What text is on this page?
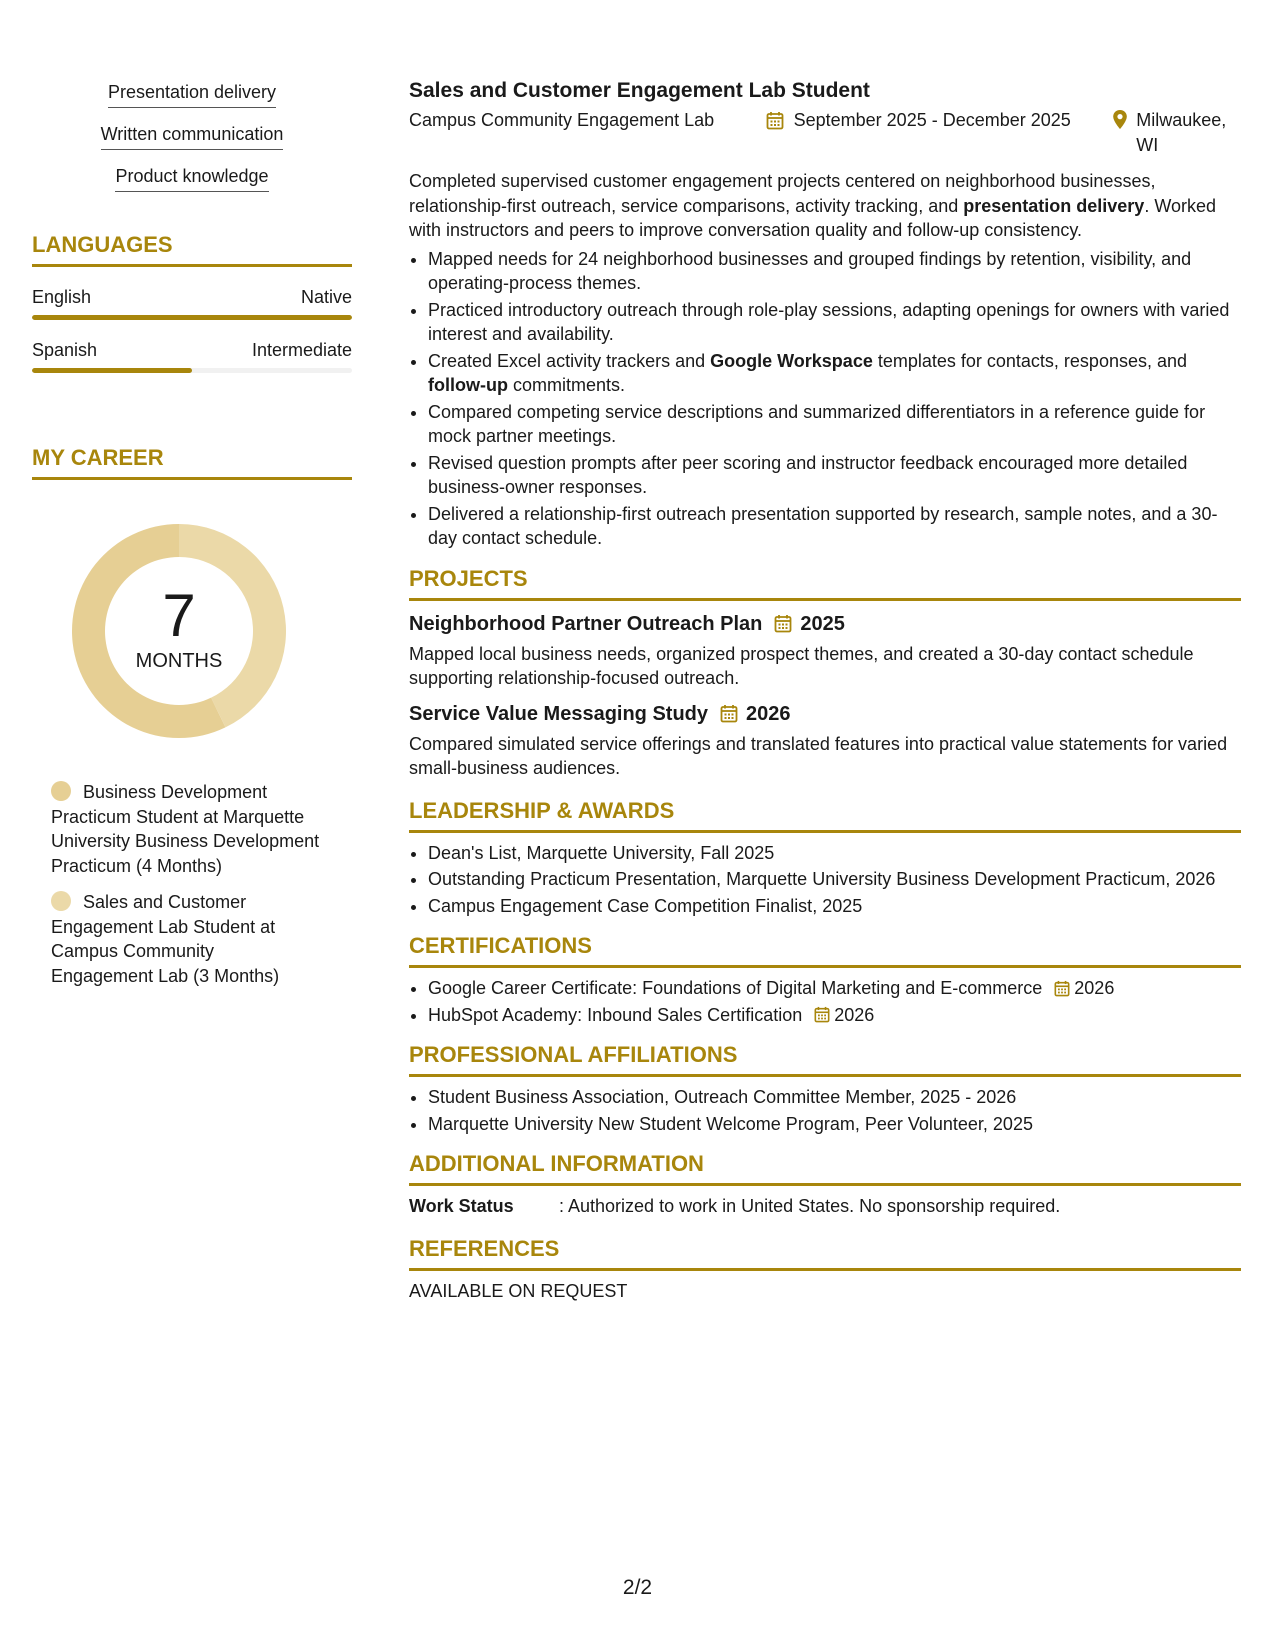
Presentation delivery
Written communication
Product knowledge
LANGUAGES
English	Native
Spanish	Intermediate
MY CAREER
7
MONTHS
Business Development Practicum Student at Marquette University Business Development Practicum (4 Months)
Sales and Customer Engagement Lab Student at Campus Community Engagement Lab (3 Months)
Sales and Customer Engagement Lab Student
Campus Community Engagement Lab	September 2025 - December 2025	Milwaukee, WI

Completed supervised customer engagement projects centered on neighborhood businesses, relationship-first outreach, service comparisons, activity tracking, and presentation delivery. Worked with instructors and peers to improve conversation quality and follow-up consistency.

• Mapped needs for 24 neighborhood businesses and grouped findings by retention, visibility, and operating-process themes.
• Practiced introductory outreach through role-play sessions, adapting openings for owners with varied interest and availability.
• Created Excel activity trackers and Google Workspace templates for contacts, responses, and follow-up commitments.
• Compared competing service descriptions and summarized differentiators in a reference guide for mock partner meetings.
• Revised question prompts after peer scoring and instructor feedback encouraged more detailed business-owner responses.
• Delivered a relationship-first outreach presentation supported by research, sample notes, and a 30-day contact schedule.
PROJECTS
Neighborhood Partner Outreach Plan 2025
Mapped local business needs, organized prospect themes, and created a 30-day contact schedule supporting relationship-focused outreach.
Service Value Messaging Study 2026
Compared simulated service offerings and translated features into practical value statements for varied small-business audiences.
LEADERSHIP & AWARDS
• Dean's List, Marquette University, Fall 2025
• Outstanding Practicum Presentation, Marquette University Business Development Practicum, 2026
• Campus Engagement Case Competition Finalist, 2025
CERTIFICATIONS
• Google Career Certificate: Foundations of Digital Marketing and E-commerce 2026
• HubSpot Academy: Inbound Sales Certification 2026
PROFESSIONAL AFFILIATIONS
• Student Business Association, Outreach Committee Member, 2025 - 2026
• Marquette University New Student Welcome Program, Peer Volunteer, 2025
ADDITIONAL INFORMATION
Work Status	: Authorized to work in United States. No sponsorship required.
REFERENCES
AVAILABLE ON REQUEST
2/2
